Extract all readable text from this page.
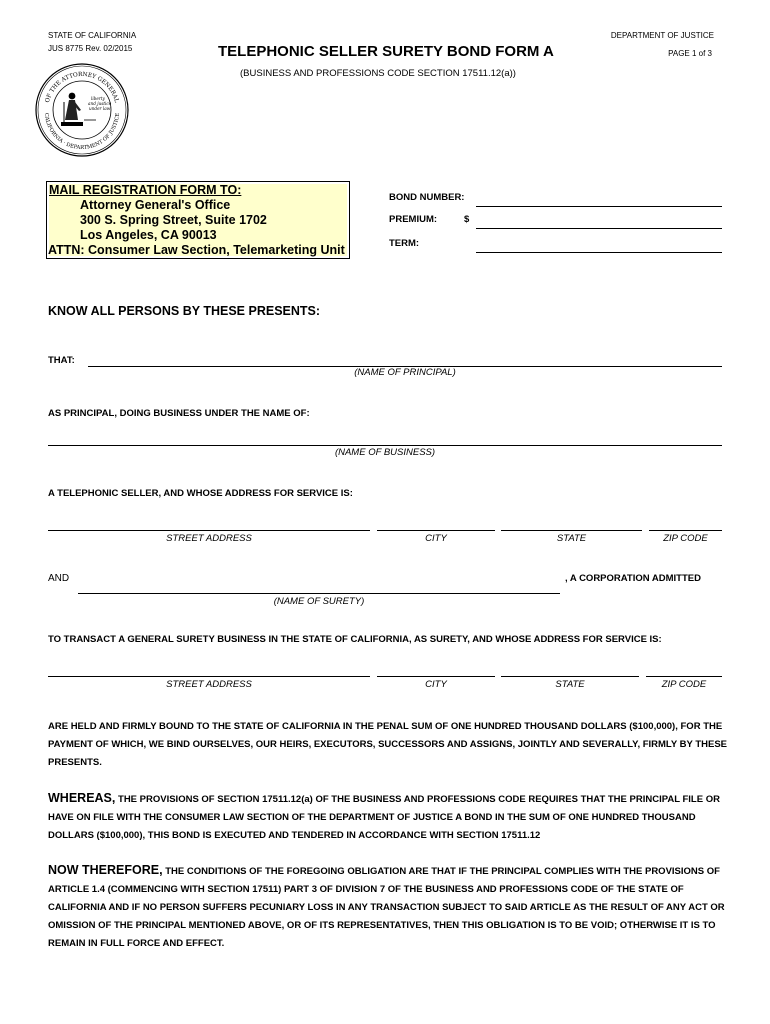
STATE OF CALIFORNIA
JUS 8775 Rev. 02/2015
DEPARTMENT OF JUSTICE
PAGE 1 of 3
TELEPHONIC SELLER SURETY BOND FORM A
(BUSINESS AND PROFESSIONS CODE SECTION 17511.12(a))
OF THE ATTORNEY GENERAL
CALIFORNIA · DEPARTMENT OF JUSTICE
liberty
and justice
under law
MAIL REGISTRATION FORM TO:
Attorney General's Office
300 S. Spring Street, Suite 1702
Los Angeles, CA 90013
ATTN: Consumer Law Section, Telemarketing Unit
BOND NUMBER:
PREMIUM:	$
TERM:
KNOW ALL PERSONS BY THESE PRESENTS:
THAT:
(NAME OF PRINCIPAL)
AS PRINCIPAL, DOING BUSINESS UNDER THE NAME OF:
(NAME OF BUSINESS)
A TELEPHONIC SELLER, AND WHOSE ADDRESS FOR SERVICE IS:
STREET ADDRESS	CITY	STATE	ZIP CODE
AND	, A CORPORATION ADMITTED
(NAME OF SURETY)
TO TRANSACT A GENERAL SURETY BUSINESS IN THE STATE OF CALIFORNIA, AS SURETY, AND WHOSE ADDRESS FOR SERVICE IS:
STREET ADDRESS	CITY	STATE	ZIP CODE
ARE HELD AND FIRMLY BOUND TO THE STATE OF CALIFORNIA IN THE PENAL SUM OF ONE HUNDRED THOUSAND DOLLARS ($100,000), FOR THE PAYMENT OF WHICH, WE BIND OURSELVES, OUR HEIRS, EXECUTORS, SUCCESSORS AND ASSIGNS, JOINTLY AND SEVERALLY, FIRMLY BY THESE PRESENTS.
WHEREAS, THE PROVISIONS OF SECTION 17511.12(a) OF THE BUSINESS AND PROFESSIONS CODE REQUIRES THAT THE PRINCIPAL FILE OR HAVE ON FILE WITH THE CONSUMER LAW SECTION OF THE DEPARTMENT OF JUSTICE A BOND IN THE SUM OF ONE HUNDRED THOUSAND DOLLARS ($100,000), THIS BOND IS EXECUTED AND TENDERED IN ACCORDANCE WITH SECTION 17511.12
NOW THEREFORE, THE CONDITIONS OF THE FOREGOING OBLIGATION ARE THAT IF THE PRINCIPAL COMPLIES WITH THE PROVISIONS OF ARTICLE 1.4 (COMMENCING WITH SECTION 17511) PART 3 OF DIVISION 7 OF THE BUSINESS AND PROFESSIONS CODE OF THE STATE OF CALIFORNIA AND IF NO PERSON SUFFERS PECUNIARY LOSS IN ANY TRANSACTION SUBJECT TO SAID ARTICLE AS THE RESULT OF ANY ACT OR OMISSION OF THE PRINCIPAL MENTIONED ABOVE, OR OF ITS REPRESENTATIVES, THEN THIS OBLIGATION IS TO BE VOID; OTHERWISE IT IS TO REMAIN IN FULL FORCE AND EFFECT.
